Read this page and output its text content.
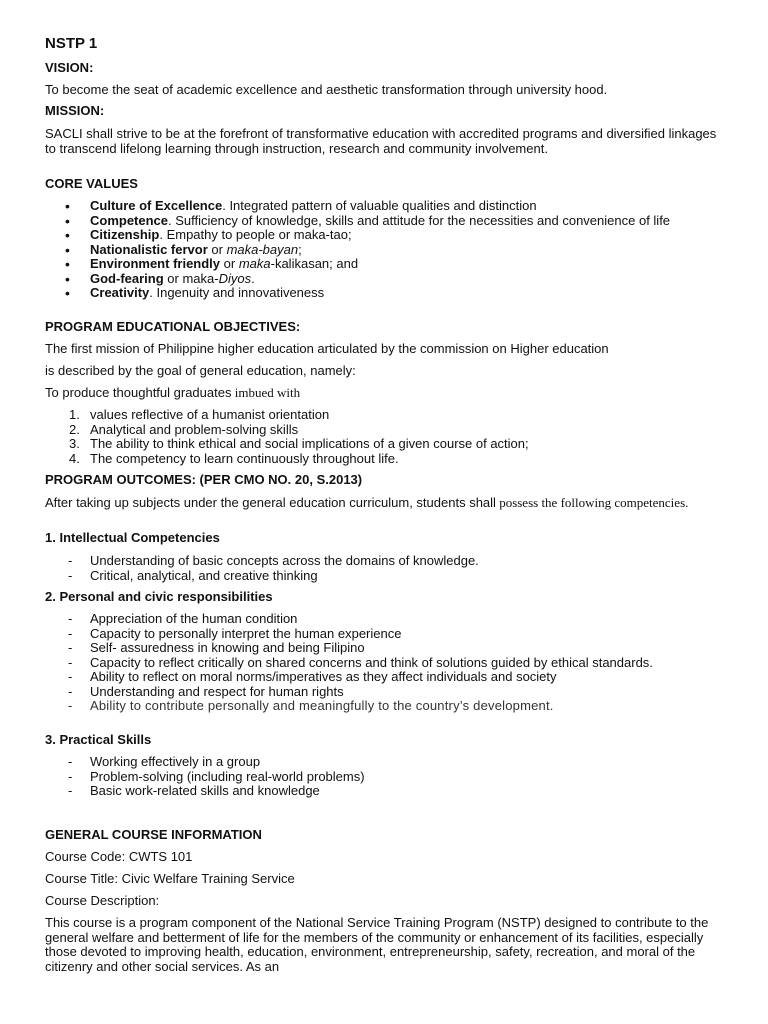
NSTP 1
VISION:
To become the seat of academic excellence and aesthetic transformation through university hood.
MISSION:
SACLI shall strive to be at the forefront of transformative education with accredited programs and diversified linkages to transcend lifelong learning through instruction, research and community involvement.
CORE VALUES
• Culture of Excellence. Integrated pattern of valuable qualities and distinction
• Competence. Sufficiency of knowledge, skills and attitude for the necessities and convenience of life
• Citizenship. Empathy to people or maka-tao;
• Nationalistic fervor or maka-bayan;
• Environment friendly or maka-kalikasan; and
• God-fearing or maka-Diyos.
• Creativity. Ingenuity and innovativeness
PROGRAM EDUCATIONAL OBJECTIVES:
The first mission of Philippine higher education articulated by the commission on Higher education
is described by the goal of general education, namely:
To produce thoughtful graduates imbued with
1. values reflective of a humanist orientation
2. Analytical and problem-solving skills
3. The ability to think ethical and social implications of a given course of action;
4. The competency to learn continuously throughout life.
PROGRAM OUTCOMES: (PER CMO NO. 20, S.2013)
After taking up subjects under the general education curriculum, students shall possess the following competencies.
1. Intellectual Competencies
- Understanding of basic concepts across the domains of knowledge.
- Critical, analytical, and creative thinking
2. Personal and civic responsibilities
- Appreciation of the human condition
- Capacity to personally interpret the human experience
- Self- assuredness in knowing and being Filipino
- Capacity to reflect critically on shared concerns and think of solutions guided by ethical standards.
- Ability to reflect on moral norms/imperatives as they affect individuals and society
- Understanding and respect for human rights
- Ability to contribute personally and meaningfully to the country’s development.
3. Practical Skills
- Working effectively in a group
- Problem-solving (including real-world problems)
- Basic work-related skills and knowledge
GENERAL COURSE INFORMATION
Course Code: CWTS 101
Course Title: Civic Welfare Training Service
Course Description:
This course is a program component of the National Service Training Program (NSTP) designed to contribute to the general welfare and betterment of life for the members of the community or enhancement of its facilities, especially those devoted to improving health, education, environment, entrepreneurship, safety, recreation, and moral of the citizenry and other social services. As an
